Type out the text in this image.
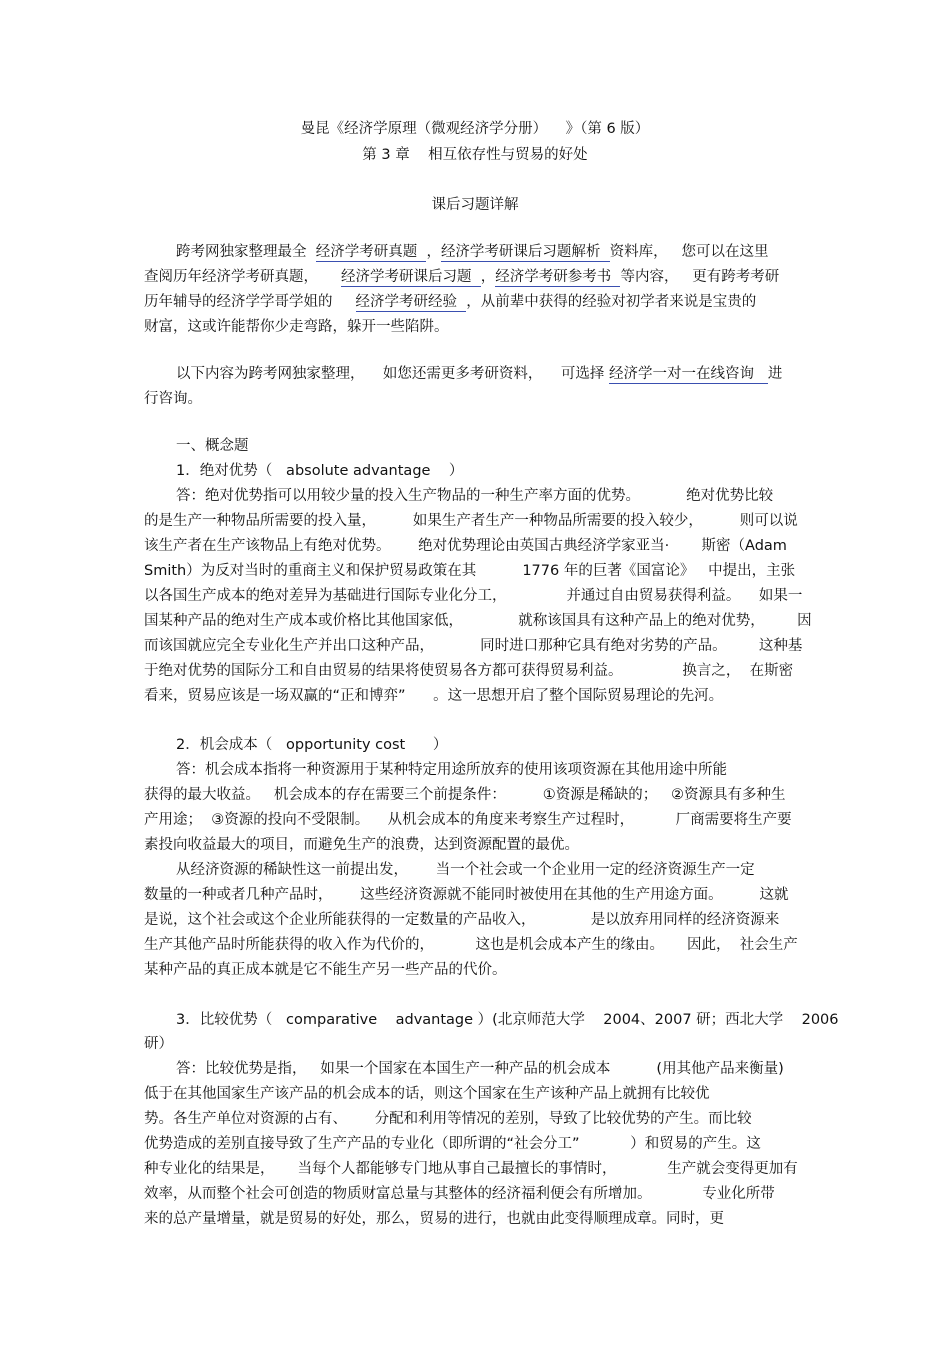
曼昆《经济学原理（微观经济学分册）    》（第 6 版）
第 3 章    相互依存性与贸易的好处
课后习题详解
跨考网独家整理最全  经济学考研真题  ，经济学考研课后习题解析  资料库，   您可以在这里
查阅历年经济学考研真题，     经济学考研课后习题  ，经济学考研参考书  等内容，   更有跨考考研
历年辅导的经济学学哥学姐的     经济学考研经验  ，从前辈中获得的经验对初学者来说是宝贵的
财富，这或许能帮你少走弯路，躲开一些陷阱。
以下内容为跨考网独家整理，    如您还需更多考研资料，    可选择 经济学一对一在线咨询   进
行咨询。
一、概念题
1．绝对优势（   absolute advantage    ）
答：绝对优势指可以用较少量的投入生产物品的一种生产率方面的优势。          绝对优势比较
的是生产一种物品所需要的投入量，        如果生产者生产一种物品所需要的投入较少，        则可以说
该生产者在生产该物品上有绝对优势。      绝对优势理论由英国古典经济学家亚当·       斯密（Adam
Smith）为反对当时的重商主义和保护贸易政策在其          1776 年的巨著《国富论》   中提出，主张
以各国生产成本的绝对差异为基础进行国际专业化分工，             并通过自由贸易获得利益。    如果一
国某种产品的绝对生产成本或价格比其他国家低，            就称该国具有这种产品上的绝对优势，       因
而该国就应完全专业化生产并出口这种产品，          同时进口那种它具有绝对劣势的产品。       这种基
于绝对优势的国际分工和自由贸易的结果将使贸易各方都可获得贸易利益。             换言之，  在斯密
看来，贸易应该是一场双赢的“正和博弈”      。这一思想开启了整个国际贸易理论的先河。
2．机会成本（   opportunity cost      ）
答：机会成本指将一种资源用于某种特定用途所放弃的使用该项资源在其他用途中所能
获得的最大收益。   机会成本的存在需要三个前提条件：        ①资源是稀缺的；   ②资源具有多种生
产用途；  ③资源的投向不受限制。    从机会成本的角度来考察生产过程时，         厂商需要将生产要
素投向收益最大的项目，而避免生产的浪费，达到资源配置的最优。
从经济资源的稀缺性这一前提出发，      当一个社会或一个企业用一定的经济资源生产一定
数量的一种或者几种产品时，      这些经济资源就不能同时被使用在其他的生产用途方面。        这就
是说，这个社会或这个企业所能获得的一定数量的产品收入，            是以放弃用同样的经济资源来
生产其他产品时所能获得的收入作为代价的，         这也是机会成本产生的缘由。     因此，  社会生产
某种产品的真正成本就是它不能生产另一些产品的代价。
3．比较优势（   comparative    advantage ）(北京师范大学    2004、2007 研；西北大学    2006
研）
答：比较优势是指，   如果一个国家在本国生产一种产品的机会成本          (用其他产品来衡量)
低于在其他国家生产该产品的机会成本的话，则这个国家在生产该种产品上就拥有比较优
势。各生产单位对资源的占有、      分配和利用等情况的差别，导致了比较优势的产生。而比较
优势造成的差别直接导致了生产产品的专业化（即所谓的“社会分工”           ）和贸易的产生。这
种专业化的结果是，     当每个人都能够专门地从事自己最擅长的事情时，           生产就会变得更加有
效率，从而整个社会可创造的物质财富总量与其整体的经济福利便会有所增加。           专业化所带
来的总产量增量，就是贸易的好处，那么，贸易的进行，也就由此变得顺理成章。同时，更
